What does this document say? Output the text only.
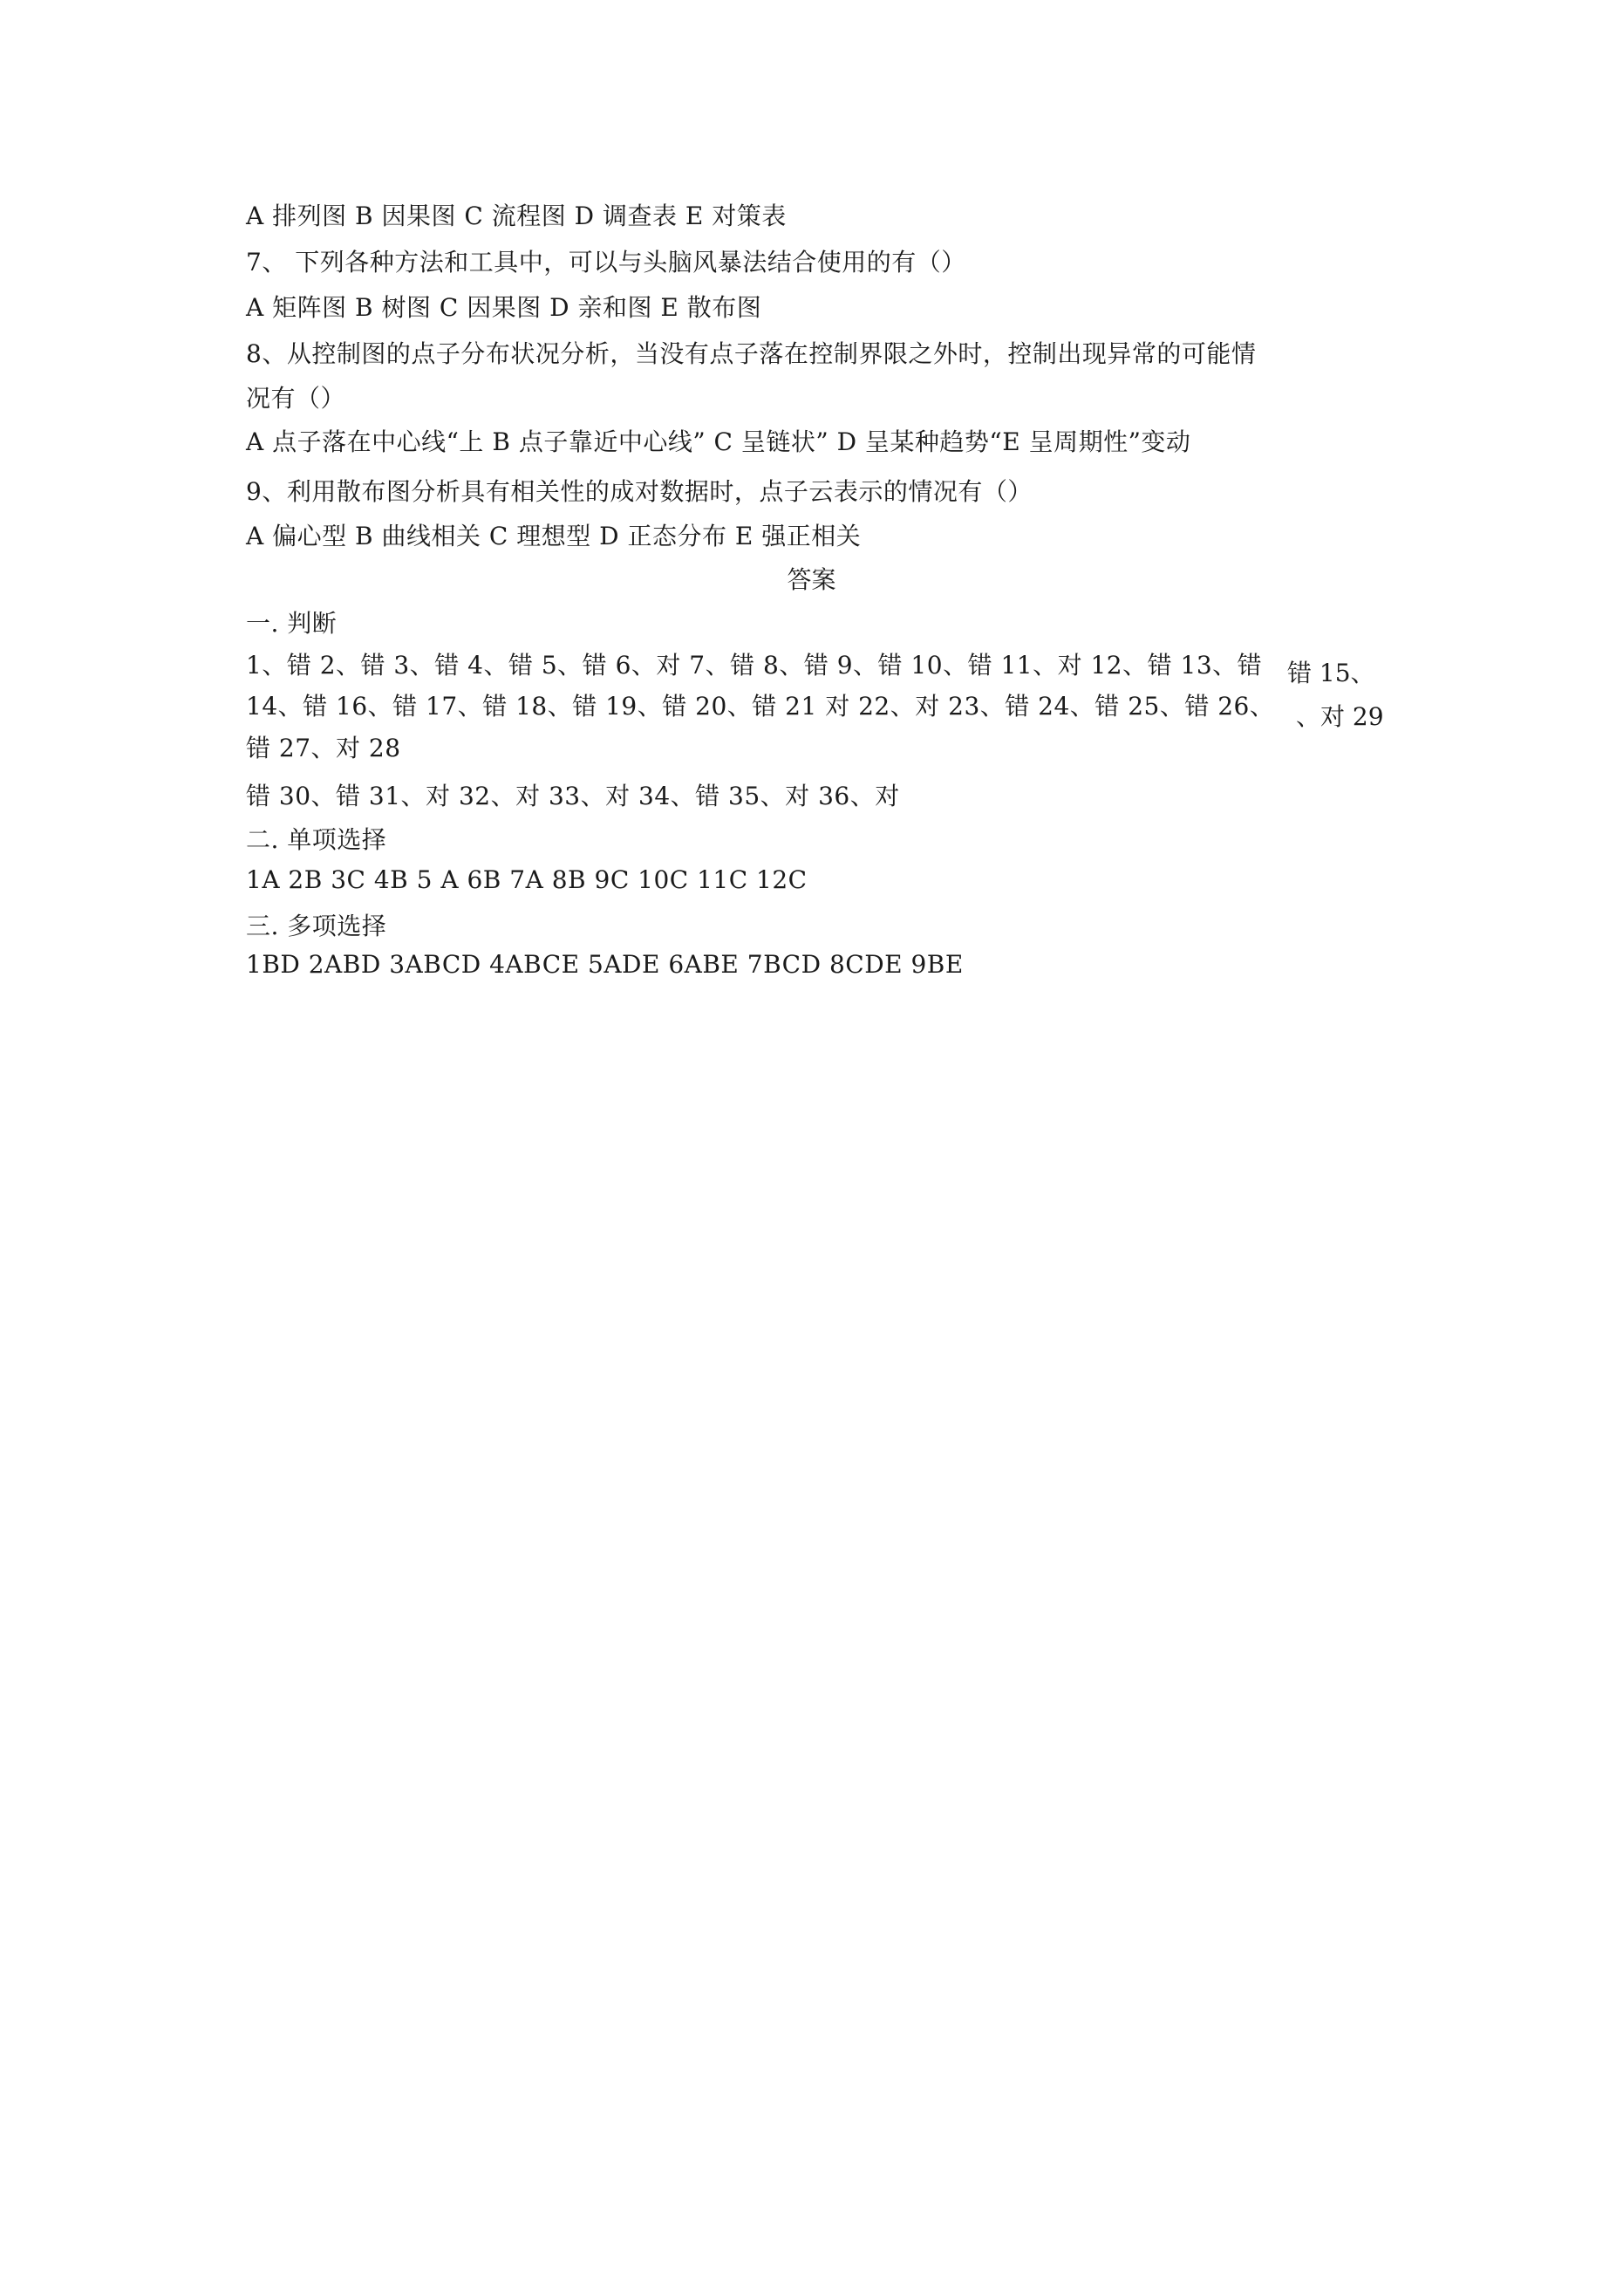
A 排列图 B 因果图 C 流程图 D 调查表 E 对策表
7、 下列各种方法和工具中，可以与头脑风暴法结合使用的有（）
A 矩阵图 B 树图 C 因果图 D 亲和图 E 散布图
8、从控制图的点子分布状况分析，当没有点子落在控制界限之外时，控制出现异常的可能情
况有（）
A 点子落在中心线“上 B 点子靠近中心线” C 呈链状” D 呈某种趋势“E 呈周期性”变动
9、利用散布图分析具有相关性的成对数据时，点子云表示的情况有（）
A 偏心型 B 曲线相关 C 理想型 D 正态分布 E 强正相关
答案
一. 判断
1、错 2、错 3、错 4、错 5、错 6、对 7、错 8、错 9、错 10、错 11、对 12、错 13、错 错 15、
14、错 16、错 17、错 18、错 19、错 20、错 21 对 22、对 23、错 24、错 25、错 26、 、对 29
错 27、对 28
错 30、错 31、对 32、对 33、对 34、错 35、对 36、对
二. 单项选择
1A 2B 3C 4B 5 A 6B 7A 8B 9C 10C 11C 12C
三. 多项选择
1BD 2ABD 3ABCD 4ABCE 5ADE 6ABE 7BCD 8CDE 9BE
